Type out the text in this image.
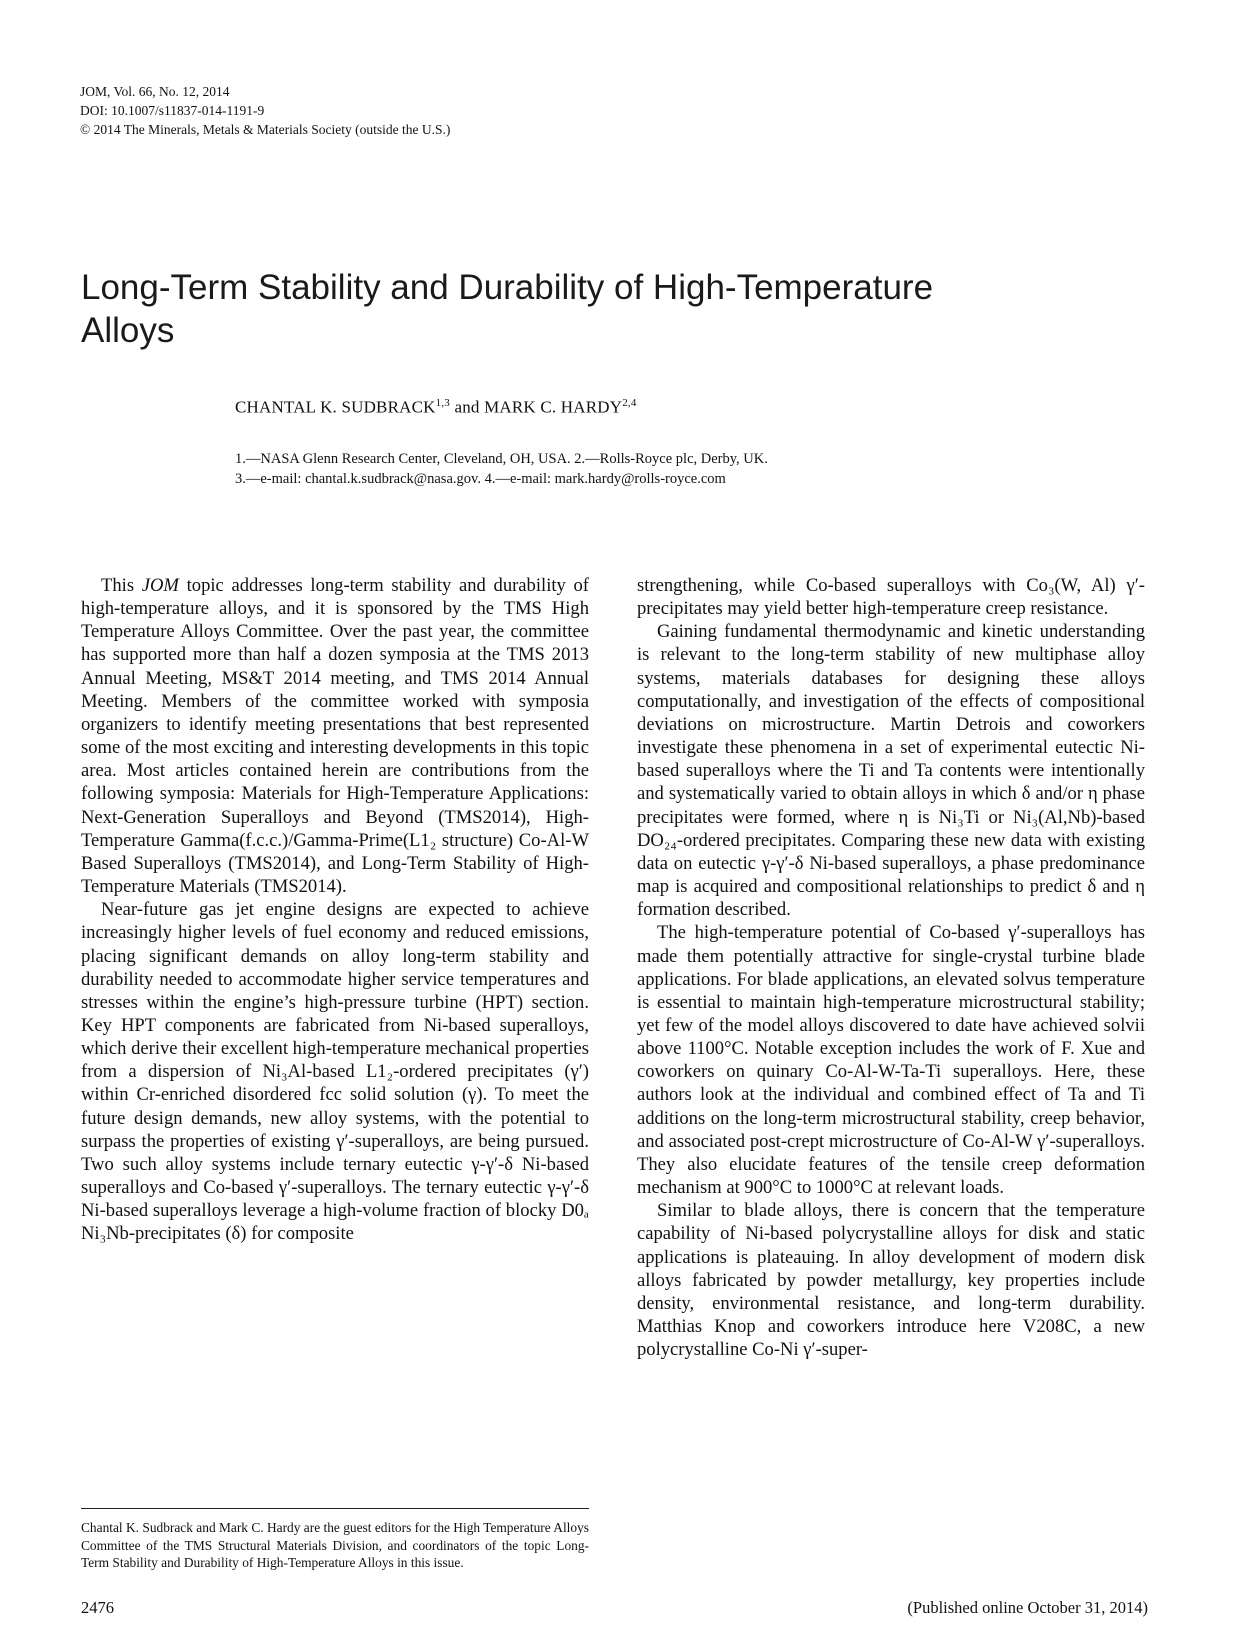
JOM, Vol. 66, No. 12, 2014
DOI: 10.1007/s11837-014-1191-9
© 2014 The Minerals, Metals & Materials Society (outside the U.S.)
Long-Term Stability and Durability of High-Temperature
Alloys
CHANTAL K. SUDBRACK$^{1,3}$ and MARK C. HARDY$^{2,4}$
1.—NASA Glenn Research Center, Cleveland, OH, USA. 2.—Rolls-Royce plc, Derby, UK.
3.—e-mail: chantal.k.sudbrack@nasa.gov. 4.—e-mail: mark.hardy@rolls-royce.com

This JOM topic addresses long-term stability and durability of high-temperature alloys, and it is sponsored by the TMS High Temperature Alloys Committee. Over the past year, the committee has supported more than half a dozen symposia at the TMS 2013 Annual Meeting, MS&T 2014 meeting, and TMS 2014 Annual Meeting. Members of the committee worked with symposia organizers to identify meeting presentations that best represented some of the most exciting and interesting developments in this topic area. Most articles contained herein are contributions from the following symposia: Materials for High-Temperature Applications: Next-Generation Superalloys and Beyond (TMS2014), High-Temperature Gamma(f.c.c.)/Gamma-Prime(L1₂ structure) Co-Al-W Based Superalloys (TMS2014), and Long-Term Stability of High-Temperature Materials (TMS2014).

Near-future gas jet engine designs are expected to achieve increasingly higher levels of fuel economy and reduced emissions, placing significant demands on alloy long-term stability and durability needed to accommodate higher service temperatures and stresses within the engine’s high-pressure turbine (HPT) section. Key HPT components are fabricated from Ni-based superalloys, which derive their excellent high-temperature mechanical properties from a dispersion of Ni₃Al-based L1₂-ordered precipitates (γ′) within Cr-enriched disordered fcc solid solution (γ). To meet the future design demands, new alloy systems, with the potential to surpass the properties of existing γ′-superalloys, are being pursued. Two such alloy systems include ternary eutectic γ-γ′-δ Ni-based superalloys and Co-based γ′-superalloys. The ternary eutectic γ-γ′-δ Ni-based superalloys leverage a high-volume fraction of blocky D0ₐ Ni₃Nb-precipitates (δ) for composite

strengthening, while Co-based superalloys with Co₃(W, Al) γ′-precipitates may yield better high-temperature creep resistance.

Gaining fundamental thermodynamic and kinetic understanding is relevant to the long-term stability of new multiphase alloy systems, materials databases for designing these alloys computationally, and investigation of the effects of compositional deviations on microstructure. Martin Detrois and coworkers investigate these phenomena in a set of experimental eutectic Ni-based superalloys where the Ti and Ta contents were intentionally and systematically varied to obtain alloys in which δ and/or η phase precipitates were formed, where η is Ni₃Ti or Ni₃(Al,Nb)-based DO₂₄-ordered precipitates. Comparing these new data with existing data on eutectic γ-γ′-δ Ni-based superalloys, a phase predominance map is acquired and compositional relationships to predict δ and η formation described.

The high-temperature potential of Co-based γ′-superalloys has made them potentially attractive for single-crystal turbine blade applications. For blade applications, an elevated solvus temperature is essential to maintain high-temperature microstructural stability; yet few of the model alloys discovered to date have achieved solvii above 1100°C. Notable exception includes the work of F. Xue and coworkers on quinary Co-Al-W-Ta-Ti superalloys. Here, these authors look at the individual and combined effect of Ta and Ti additions on the long-term microstructural stability, creep behavior, and associated post-crept microstructure of Co-Al-W γ′-superalloys. They also elucidate features of the tensile creep deformation mechanism at 900°C to 1000°C at relevant loads.

Similar to blade alloys, there is concern that the temperature capability of Ni-based polycrystalline alloys for disk and static applications is plateauing. In alloy development of modern disk alloys fabricated by powder metallurgy, key properties include density, environmental resistance, and long-term durability. Matthias Knop and coworkers introduce here V208C, a new polycrystalline Co-Ni γ′-super-

Chantal K. Sudbrack and Mark C. Hardy are the guest editors for the High Temperature Alloys Committee of the TMS Structural Materials Division, and coordinators of the topic Long-Term Stability and Durability of High-Temperature Alloys in this issue.
2476	(Published online October 31, 2014)
